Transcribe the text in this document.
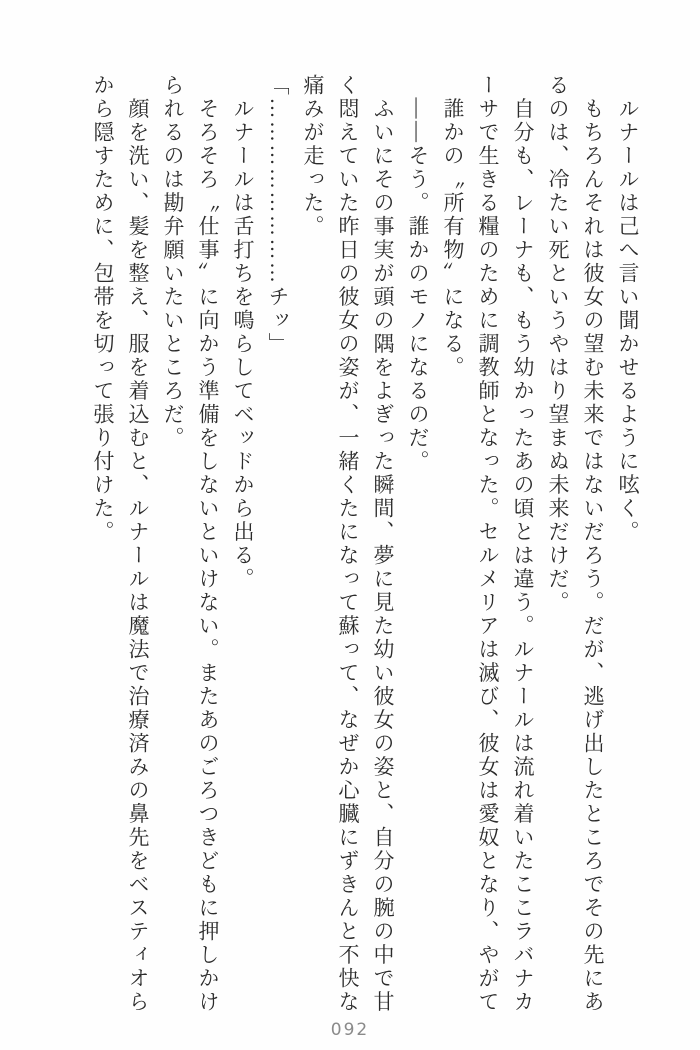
　ルナールは己へ言い聞かせるように呟く。
　もちろんそれは彼女の望む未来ではないだろう。だが、逃げ出したところでその先にあ
るのは、冷たい死というやはり望まぬ未来だけだ。
　自分も、レーナも、もう幼かったあの頃とは違う。ルナールは流れ着いたここラバナカ
ーサで生きる糧のために調教師となった。セルメリアは滅び、彼女は愛奴となり、やがて
　誰かの〝所有物〟になる。
　――そう。誰かのモノになるのだ。
　ふいにその事実が頭の隅をよぎった瞬間、夢に見た幼い彼女の姿と、自分の腕の中で甘
く悶えていた昨日の彼女の姿が、一緒くたになって蘇って、なぜか心臓にずきんと不快な
痛みが走った。
「……………………チッ」
　ルナールは舌打ちを鳴らしてベッドから出る。
　そろそろ〝仕事〟に向かう準備をしないといけない。またあのごろつきどもに押しかけ
られるのは勘弁願いたいところだ。
　顔を洗い、髪を整え、服を着込むと、ルナールは魔法で治療済みの鼻先をベスティオら
から隠すために、包帯を切って張り付けた。
092
